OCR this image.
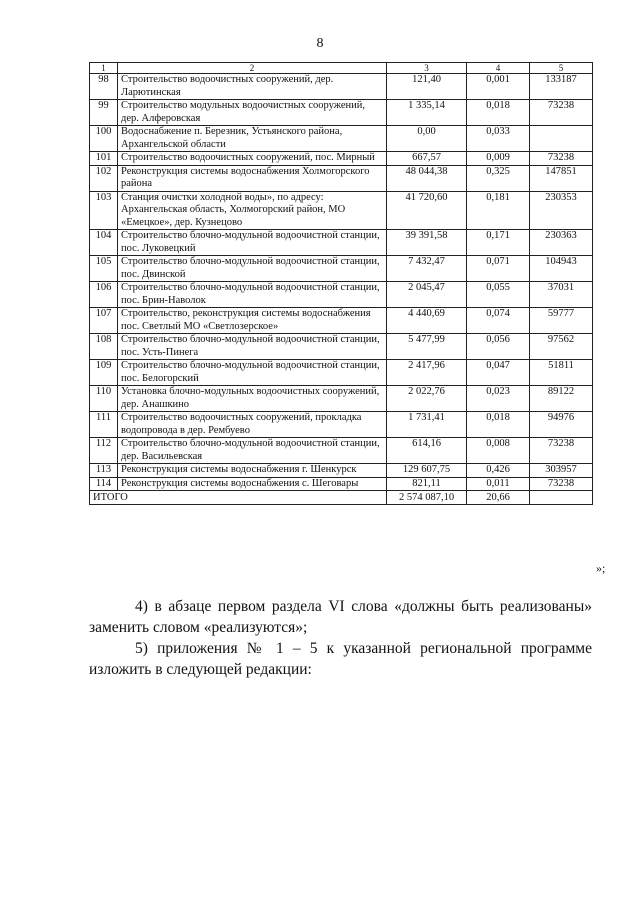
8
1	2	3	4	5
98	Строительство водоочистных сооружений, дер. Ларютинская	121,40	0,001	133187
99	Строительство модульных водоочистных сооружений, дер. Алферовская	1 335,14	0,018	73238
100	Водоснабжение п. Березник, Устьянского района, Архангельской области	0,00	0,033	
101	Строительство водоочистных сооружений, пос. Мирный	667,57	0,009	73238
102	Реконструкция системы водоснабжения Холмогорского района	48 044,38	0,325	147851
103	Станция очистки холодной воды», по адресу: Архангельская область, Холмогорский район, МО «Емецкое», дер. Кузнецово	41 720,60	0,181	230353
104	Строительство блочно-модульной водоочистной станции, пос. Луковецкий	39 391,58	0,171	230363
105	Строительство блочно-модульной водоочистной станции, пос. Двинской	7 432,47	0,071	104943
106	Строительство блочно-модульной водоочистной станции, пос. Брин-Наволок	2 045,47	0,055	37031
107	Строительство, реконструкция системы водоснабжения пос. Светлый МО «Светлозерское»	4 440,69	0,074	59777
108	Строительство блочно-модульной водоочистной станции, пос. Усть-Пинега	5 477,99	0,056	97562
109	Строительство блочно-модульной водоочистной станции, пос. Белогорский	2 417,96	0,047	51811
110	Установка блочно-модульных водоочистных сооружений, дер. Анашкино	2 022,76	0,023	89122
111	Строительство водоочистных сооружений, прокладка водопровода в дер. Рембуево	1 731,41	0,018	94976
112	Строительство блочно-модульной водоочистной станции, дер. Васильевская	614,16	0,008	73238
113	Реконструкция системы водоснабжения г. Шенкурск	129 607,75	0,426	303957
114	Реконструкция системы водоснабжения с. Шеговары	821,11	0,011	73238
ИТОГО		2 574 087,10	20,66	
»;

4) в абзаце первом раздела VI слова «должны быть реализованы» заменить словом «реализуются»;

5) приложения № 1 – 5 к указанной региональной программе изложить в следующей редакции:
